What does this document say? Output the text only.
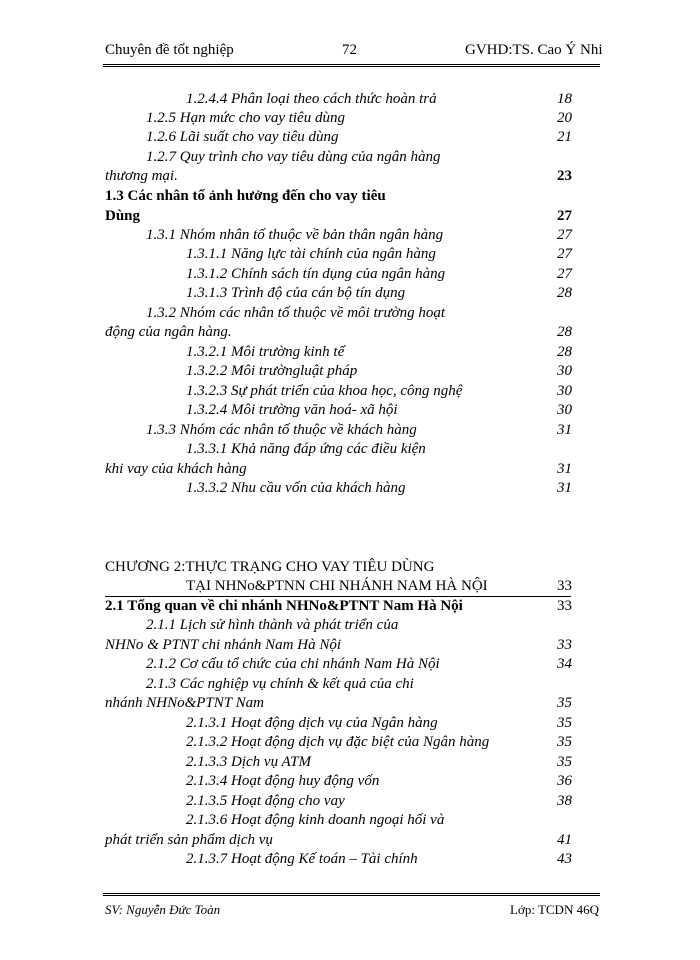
Chuyên đề tốt nghiệp	72	GVHD:TS. Cao Ý Nhi
1.2.4.4 Phân loại theo cách thức hoàn trả	18
1.2.5 Hạn mức cho vay tiêu dùng	20
1.2.6 Lãi suất cho vay tiêu dùng	21
1.2.7 Quy trình cho vay tiêu dùng của ngân hàng
thương mại.	23
1.3 Các nhân tố ảnh hưởng đến cho vay tiêu
Dùng	27
1.3.1 Nhóm nhân tố thuộc về bản thân ngân hàng	27
1.3.1.1 Năng lực tài chính của ngân hàng	27
1.3.1.2 Chính sách tín dụng của ngân hàng	27
1.3.1.3 Trình độ của cán bộ tín dụng	28
1.3.2 Nhóm các nhân tố thuộc về môi trường hoạt
động của ngân hàng.	28
1.3.2.1 Môi trường kinh tế	28
1.3.2.2 Môi trườngluật pháp	30
1.3.2.3 Sự phát triển của khoa học, công nghệ	30
1.3.2.4 Môi trường văn hoá- xã hội	30
1.3.3 Nhóm các nhân tố thuộc về khách hàng	31
1.3.3.1 Khả năng đáp ứng các điều kiện
khi vay của khách hàng	31
1.3.3.2 Nhu cầu vốn của khách hàng	31
CHƯƠNG 2:THỰC TRẠNG CHO VAY TIÊU DÙNG
TẠI NHNo&PTNN CHI NHÁNH NAM HÀ NỘI	33
2.1 Tổng quan về chi nhánh NHNo&PTNT Nam Hà Nội	33
2.1.1 Lịch sử hình thành và phát triển của
NHNo & PTNT chi nhánh Nam Hà Nội	33
2.1.2 Cơ cấu tổ chức của chi nhánh Nam Hà Nội	34
2.1.3 Các nghiệp vụ chính & kết quả của chi
nhánh NHNo&PTNT Nam	35
2.1.3.1 Hoạt động dịch vụ của Ngân hàng	35
2.1.3.2 Hoạt động dịch vụ đặc biệt của Ngân hàng	35
2.1.3.3 Dịch vụ ATM	35
2.1.3.4 Hoạt động huy động vốn	36
2.1.3.5 Hoạt động cho vay	38
2.1.3.6 Hoạt động kinh doanh ngoại hối và
phát triển sản phẩm dịch vụ	41
2.1.3.7 Hoạt động Kế toán – Tài chính	43
SV: Nguyễn Đức Toàn	Lớp: TCDN 46Q
